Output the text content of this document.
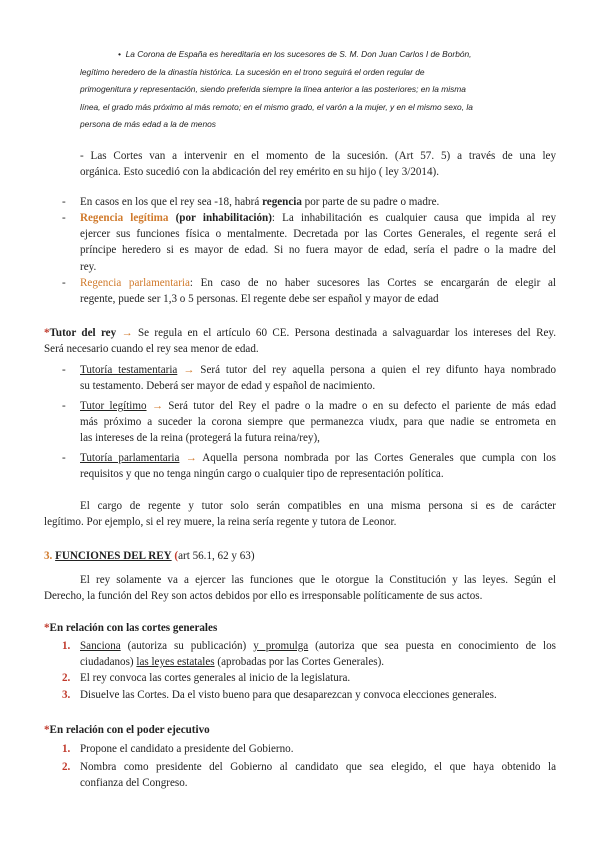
• La Corona de España es hereditaria en los sucesores de S. M. Don Juan Carlos I de Borbón,
legítimo heredero de la dinastía histórica. La sucesión en el trono seguirá el orden regular de
primogenitura y representación, siendo preferida siempre la línea anterior a las posteriores; en la misma
línea, el grado más próximo al más remoto; en el mismo grado, el varón a la mujer, y en el mismo sexo, la
persona de más edad a la de menos
- Las Cortes van a intervenir en el momento de la sucesión. (Art 57. 5) a través de una ley
orgánica. Esto sucedió con la abdicación del rey emérito en su hijo ( ley 3/2014).
- En casos en los que el rey sea -18, habrá regencia por parte de su padre o madre.
- Regencia legítima (por inhabilitación): La inhabilitación es cualquier causa que impida al rey
ejercer sus funciones física o mentalmente. Decretada por las Cortes Generales, el regente será el
príncipe heredero si es mayor de edad. Si no fuera mayor de edad, sería el padre o la madre del
rey.
- Regencia parlamentaria: En caso de no haber sucesores las Cortes se encargarán de elegir al
regente, puede ser 1,3 o 5 personas. El regente debe ser español y mayor de edad
*Tutor del rey → Se regula en el artículo 60 CE. Persona destinada a salvaguardar los intereses del Rey.
Será necesario cuando el rey sea menor de edad.
- Tutoría testamentaria → Será tutor del rey aquella persona a quien el rey difunto haya nombrado
su testamento. Deberá ser mayor de edad y español de nacimiento.
- Tutor legítimo → Será tutor del Rey el padre o la madre o en su defecto el pariente de más edad
más próximo a suceder la corona siempre que permanezca viudx, para que nadie se entrometa en
las intereses de la reina (protegerá la futura reina/rey),
- Tutoría parlamentaria → Aquella persona nombrada por las Cortes Generales que cumpla con los
requisitos y que no tenga ningún cargo o cualquier tipo de representación política.
El cargo de regente y tutor solo serán compatibles en una misma persona si es de carácter
legítimo. Por ejemplo, si el rey muere, la reina sería regente y tutora de Leonor.
3. FUNCIONES DEL REY (art 56.1, 62 y 63)
El rey solamente va a ejercer las funciones que le otorgue la Constitución y las leyes. Según el
Derecho, la función del Rey son actos debidos por ello es irresponsable políticamente de sus actos.
*En relación con las cortes generales
1. Sanciona (autoriza su publicación) y promulga (autoriza que sea puesta en conocimiento de los
ciudadanos) las leyes estatales (aprobadas por las Cortes Generales).
2. El rey convoca las cortes generales al inicio de la legislatura.
3. Disuelve las Cortes. Da el visto bueno para que desaparezcan y convoca elecciones generales.
*En relación con el poder ejecutivo
1. Propone el candidato a presidente del Gobierno.
2. Nombra como presidente del Gobierno al candidato que sea elegido, el que haya obtenido la
confianza del Congreso.
